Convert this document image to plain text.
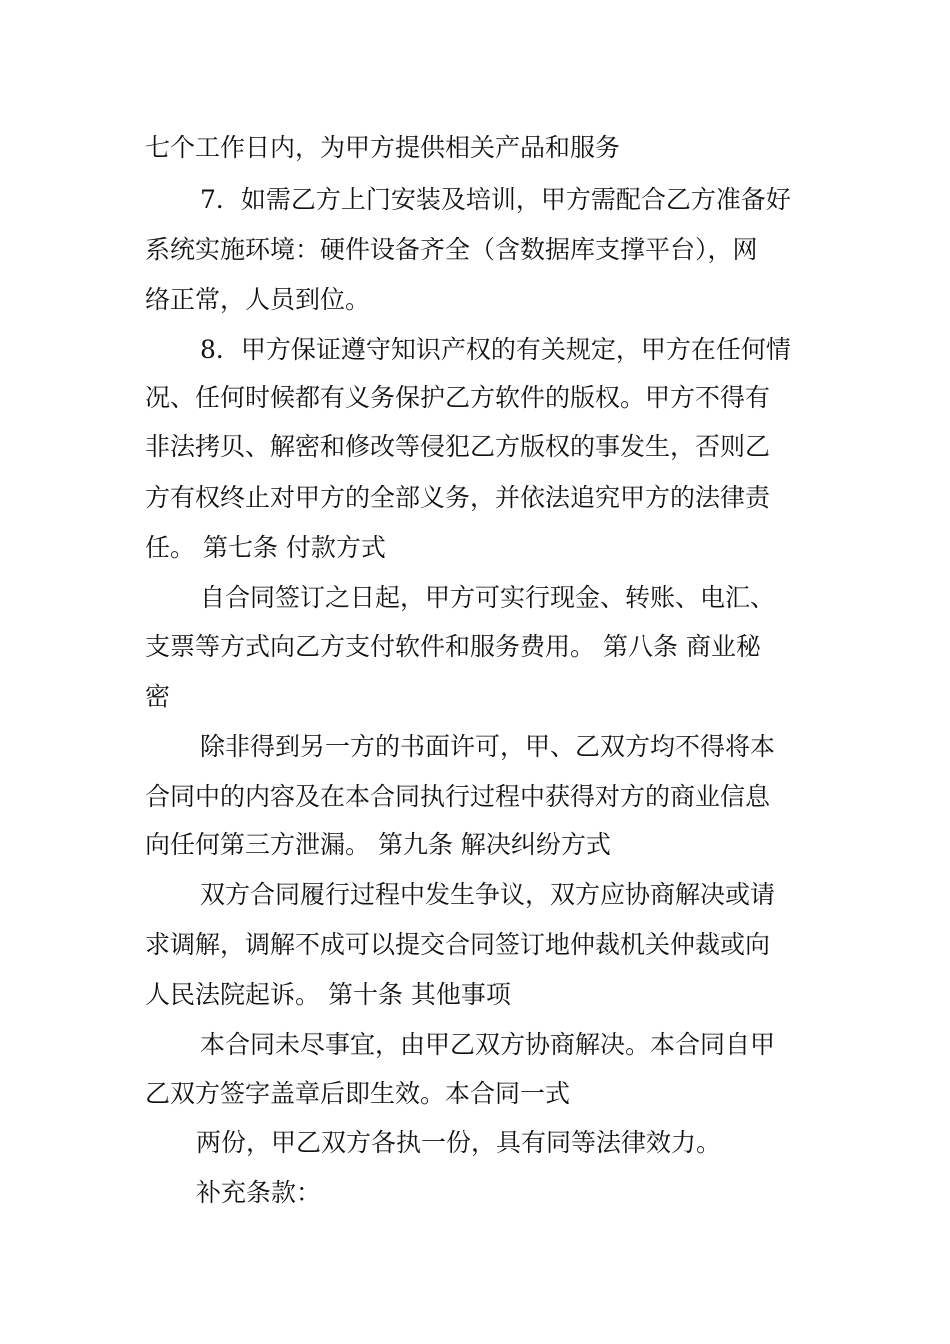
七个工作日内，为甲方提供相关产品和服务
7．如需乙方上门安装及培训，甲方需配合乙方准备好
系统实施环境：硬件设备齐全（含数据库支撑平台），网
络正常，人员到位。
8．甲方保证遵守知识产权的有关规定，甲方在任何情
况、任何时候都有义务保护乙方软件的版权。甲方不得有
非法拷贝、解密和修改等侵犯乙方版权的事发生，否则乙
方有权终止对甲方的全部义务，并依法追究甲方的法律责
任。 第七条 付款方式
自合同签订之日起，甲方可实行现金、转账、电汇、
支票等方式向乙方支付软件和服务费用。 第八条 商业秘
密
除非得到另一方的书面许可，甲、乙双方均不得将本
合同中的内容及在本合同执行过程中获得对方的商业信息
向任何第三方泄漏。 第九条 解决纠纷方式
双方合同履行过程中发生争议，双方应协商解决或请
求调解，调解不成可以提交合同签订地仲裁机关仲裁或向
人民法院起诉。 第十条 其他事项
本合同未尽事宜，由甲乙双方协商解决。本合同自甲
乙双方签字盖章后即生效。本合同一式
两份，甲乙双方各执一份，具有同等法律效力。
补充条款：
